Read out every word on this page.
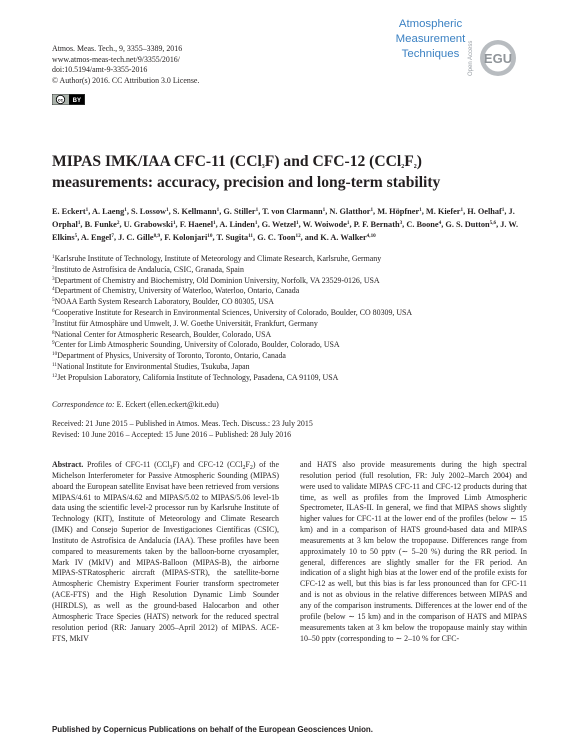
Atmos. Meas. Tech., 9, 3355–3389, 2016
www.atmos-meas-tech.net/9/3355/2016/
doi:10.5194/amt-9-3355-2016
© Author(s) 2016. CC Attribution 3.0 License.
cc BY
Atmospheric
Measurement
Techniques	Open Access EGU
MIPAS IMK/IAA CFC-11 (CCl$_3$F) and CFC-12 $(CCl_2F_2)$
measurements: accuracy, precision and long-term stability
E. Eckert$^1$, A. Laeng$^1$, S. Lossow$^1$, S. Kellmann$^1$, G. Stiller$^1$, T. von Clarmann$^1$, N. Glatthor$^1$, M. Höpfner$^1$, M. Kiefer$^1$, H. Oelhaf$^1$, J. Orphal$^1$, B. Funke$^2$, U. Grabowski$^1$, F. Haenel$^1$, A. Linden$^1$, G. Wetzel$^1$, W. Woiwode$^1$, P. F. Bernath$^3$, C. Boone$^4$, G. S. Dutton$^{5,6}$, J. W. Elkins$^5$, A. Engel$^7$, J. C. Gille$^{8,9}$, F. Kolonjari$^{10}$, T. Sugita$^{11}$, G. C. Toon$^{12}$, and K. A. Walker$^{4,10}$
$^1$Karlsruhe Institute of Technology, Institute of Meteorology and Climate Research, Karlsruhe, Germany
$^2$Instituto de Astrofísica de Andalucía, CSIC, Granada, Spain
$^3$Department of Chemistry and Biochemistry, Old Dominion University, Norfolk, VA 23529-0126, USA
$^4$Department of Chemistry, University of Waterloo, Waterloo, Ontario, Canada
$^5$NOAA Earth System Research Laboratory, Boulder, CO 80305, USA
$^6$Cooperative Institute for Research in Environmental Sciences, University of Colorado, Boulder, CO 80309, USA
$^7$Institut für Atmosphäre und Umwelt, J. W. Goethe Universität, Frankfurt, Germany
$^8$National Center for Atmospheric Research, Boulder, Colorado, USA
$^9$Center for Limb Atmospheric Sounding, University of Colorado, Boulder, Colorado, USA
$^{10}$Department of Physics, University of Toronto, Toronto, Ontario, Canada
$^{11}$National Institute for Environmental Studies, Tsukuba, Japan
$^{12}$Jet Propulsion Laboratory, California Institute of Technology, Pasadena, CA 91109, USA
Correspondence to: E. Eckert (ellen.eckert@kit.edu)
Received: 21 June 2015 – Published in Atmos. Meas. Tech. Discuss.: 23 July 2015
Revised: 10 June 2016 – Accepted: 15 June 2016 – Published: 28 July 2016
Abstract. Profiles of CFC-11 (CCl$_3$F) and CFC-12 $(CCl_2F_2)$ of the Michelson Interferometer for Passive Atmospheric Sounding (MIPAS) aboard the European satellite Envisat have been retrieved from versions MIPAS/4.61 to MIPAS/4.62 and MIPAS/5.02 to MIPAS/5.06 level-1b data using the scientific level-2 processor run by Karlsruhe Institute of Technology (KIT), Institute of Meteorology and Climate Research (IMK) and Consejo Superior de Investigaciones Científicas (CSIC), Instituto de Astrofísica de Andalucía (IAA). These profiles have been compared to measurements taken by the balloon-borne cryosampler, Mark IV (MkIV) and MIPAS-Balloon (MIPAS-B), the airborne MIPAS-STRatospheric aircraft (MIPAS-STR), the satellite-borne Atmospheric Chemistry Experiment Fourier transform spectrometer (ACE-FTS) and the High Resolution Dynamic Limb Sounder (HIRDLS), as well as the ground-based Halocarbon and other Atmospheric Trace Species (HATS) network for the reduced spectral resolution period (RR: January 2005–April 2012) of MIPAS. ACE-FTS, MkIV
and HATS also provide measurements during the high spectral resolution period (full resolution, FR: July 2002–March 2004) and were used to validate MIPAS CFC-11 and CFC-12 products during that time, as well as profiles from the Improved Limb Atmospheric Spectrometer, ILAS-II. In general, we find that MIPAS shows slightly higher values for CFC-11 at the lower end of the profiles (below ∼ 15 km) and in a comparison of HATS ground-based data and MIPAS measurements at 3 km below the tropopause. Differences range from approximately 10 to 50 pptv (∼ 5–20 %) during the RR period. In general, differences are slightly smaller for the FR period. An indication of a slight high bias at the lower end of the profile exists for CFC-12 as well, but this bias is far less pronounced than for CFC-11 and is not as obvious in the relative differences between MIPAS and any of the comparison instruments. Differences at the lower end of the profile (below ∼ 15 km) and in the comparison of HATS and MIPAS measurements taken at 3 km below the tropopause mainly stay within 10–50 pptv (corresponding to ∼ 2–10 % for CFC-
Published by Copernicus Publications on behalf of the European Geosciences Union.
